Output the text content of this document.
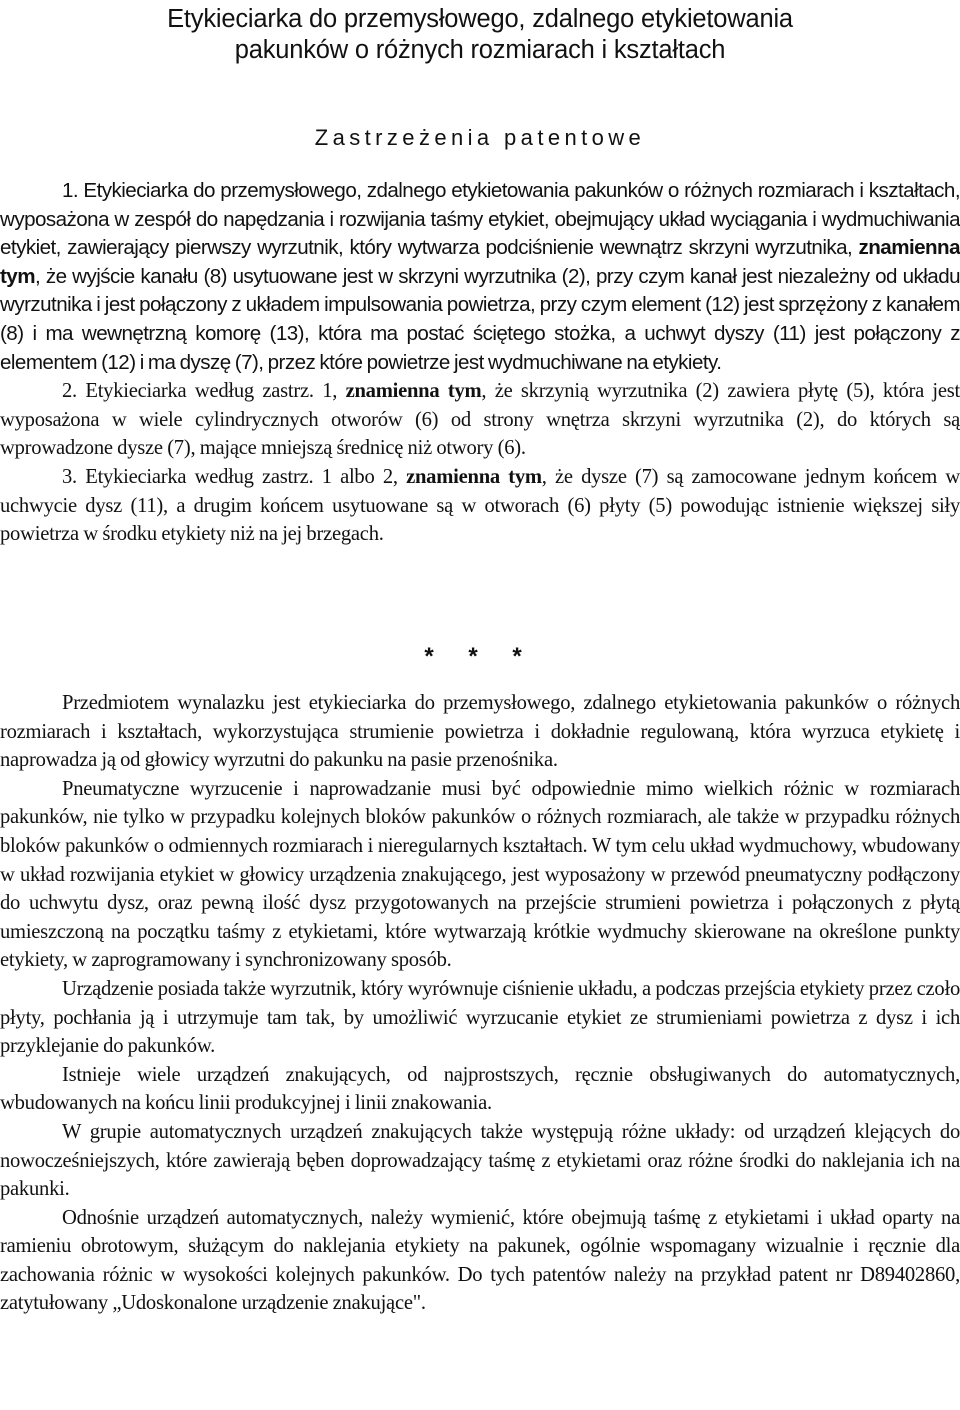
Etykieciarka do przemysłowego, zdalnego etykietowania
pakunków o różnych rozmiarach i kształtach
Zastrzeżenia patentowe

1. Etykieciarka do przemysłowego, zdalnego etykietowania pakunków o różnych rozmiarach i kształtach, wyposażona w zespół do napędzania i rozwijania taśmy etykiet, obejmujący układ wyciągania i wydmuchiwania etykiet, zawierający pierwszy wyrzutnik, który wytwarza podciśnienie wewnątrz skrzyni wyrzutnika, znamienna tym, że wyjście kanału (8) usytuowane jest w skrzyni wyrzutnika (2), przy czym kanał jest niezależny od układu wyrzutnika i jest połączony z układem impulsowania powietrza, przy czym element (12) jest sprzężony z kanałem (8) i ma wewnętrzną komorę (13), która ma postać ściętego stożka, a uchwyt dyszy (11) jest połączony z elementem (12) i ma dyszę (7), przez które powietrze jest wydmuchiwane na etykiety.

2. Etykieciarka według zastrz. 1, znamienna tym, że skrzynią wyrzutnika (2) zawiera płytę (5), która jest wyposażona w wiele cylindrycznych otworów (6) od strony wnętrza skrzyni wyrzutnika (2), do których są wprowadzone dysze (7), mające mniejszą średnicę niż otwory (6).

3. Etykieciarka według zastrz. 1 albo 2, znamienna tym, że dysze (7) są zamocowane jednym końcem w uchwycie dysz (11), a drugim końcem usytuowane są w otworach (6) płyty (5) powodując istnienie większej siły powietrza w środku etykiety niż na jej brzegach.

* * *

Przedmiotem wynalazku jest etykieciarka do przemysłowego, zdalnego etykietowania pakunków o różnych rozmiarach i kształtach, wykorzystująca strumienie powietrza i dokładnie regulowaną, która wyrzuca etykietę i naprowadza ją od głowicy wyrzutni do pakunku na pasie przenośnika.

Pneumatyczne wyrzucenie i naprowadzanie musi być odpowiednie mimo wielkich różnic w rozmiarach pakunków, nie tylko w przypadku kolejnych bloków pakunków o różnych rozmiarach, ale także w przypadku różnych bloków pakunków o odmiennych rozmiarach i nieregularnych kształtach. W tym celu układ wydmuchowy, wbudowany w układ rozwijania etykiet w głowicy urządzenia znakującego, jest wyposażony w przewód pneumatyczny podłączony do uchwytu dysz, oraz pewną ilość dysz przygotowanych na przejście strumieni powietrza i połączonych z płytą umieszczoną na początku taśmy z etykietami, które wytwarzają krótkie wydmuchy skierowane na określone punkty etykiety, w zaprogramowany i synchronizowany sposób.

Urządzenie posiada także wyrzutnik, który wyrównuje ciśnienie układu, a podczas przejścia etykiety przez czoło płyty, pochłania ją i utrzymuje tam tak, by umożliwić wyrzucanie etykiet ze strumieniami powietrza z dysz i ich przyklejanie do pakunków.

Istnieje wiele urządzeń znakujących, od najprostszych, ręcznie obsługiwanych do automatycznych, wbudowanych na końcu linii produkcyjnej i linii znakowania.

W grupie automatycznych urządzeń znakujących także występują różne układy: od urządzeń klejących do nowocześniejszych, które zawierają bęben doprowadzający taśmę z etykietami oraz różne środki do naklejania ich na pakunki.

Odnośnie urządzeń automatycznych, należy wymienić, które obejmują taśmę z etykietami i układ oparty na ramieniu obrotowym, służącym do naklejania etykiety na pakunek, ogólnie wspomagany wizualnie i ręcznie dla zachowania różnic w wysokości kolejnych pakunków. Do tych patentów należy na przykład patent nr D89402860, zatytułowany „Udoskonalone urządzenie znakujące".
